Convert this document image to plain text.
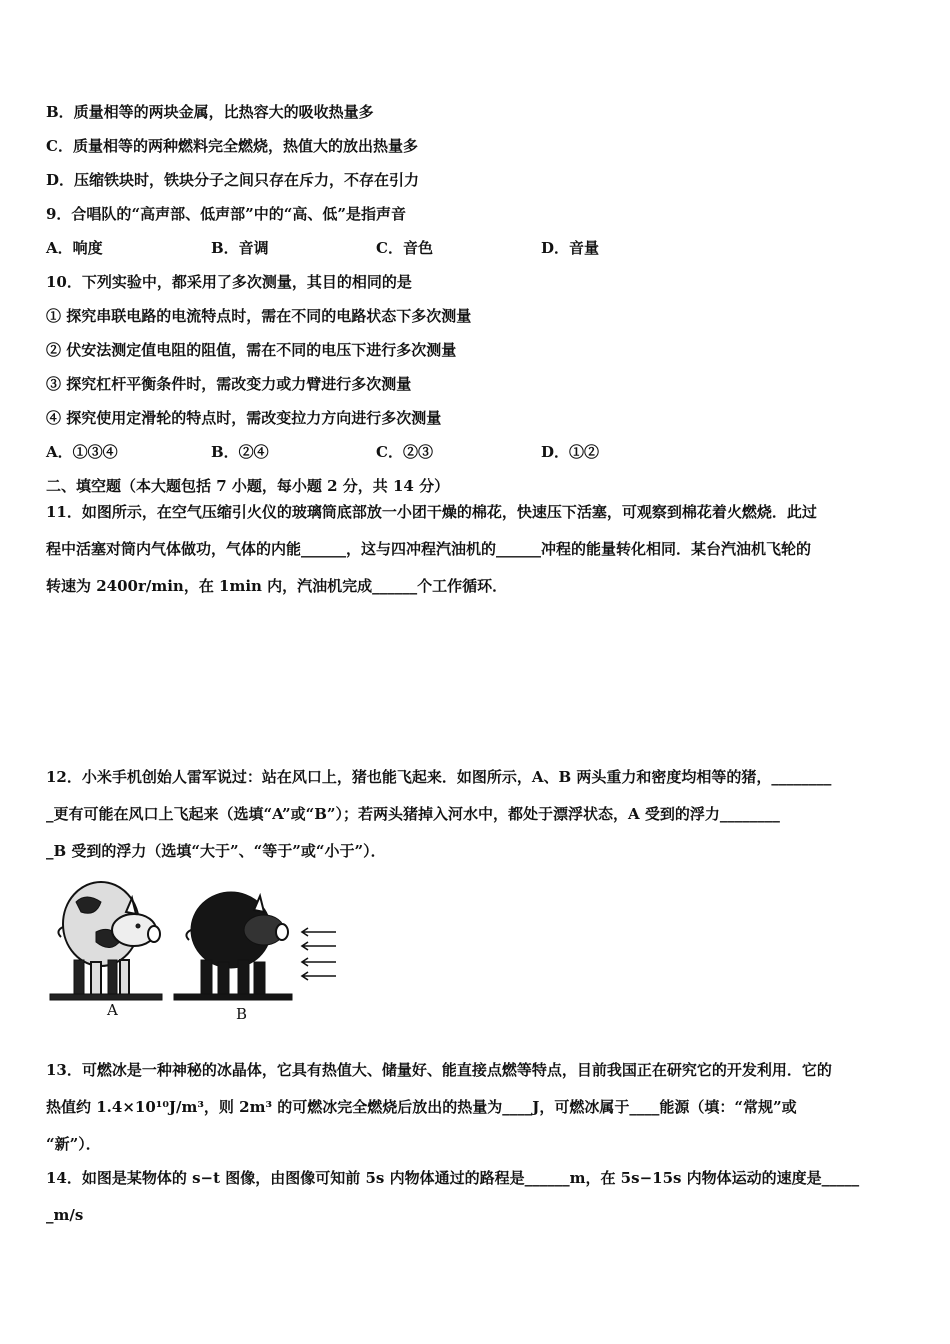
B．质量相等的两块金属，比热容大的吸收热量多
C．质量相等的两种燃料完全燃烧，热值大的放出热量多
D．压缩铁块时，铁块分子之间只存在斥力，不存在引力
9．合唱队的“高声部、低声部”中的“高、低”是指声音
A．响度	B．音调	C．音色	D．音量
10．下列实验中，都采用了多次测量，其目的相同的是
① 探究串联电路的电流特点时，需在不同的电路状态下多次测量
② 伏安法测定值电阻的阻值，需在不同的电压下进行多次测量
③ 探究杠杆平衡条件时，需改变力或力臂进行多次测量
④ 探究使用定滑轮的特点时，需改变拉力方向进行多次测量
A．①③④	B．②④	C．②③	D．①②
二、填空题（本大题包括 7 小题，每小题 2 分，共 14 分）
11．如图所示，在空气压缩引火仪的玻璃筒底部放一小团干燥的棉花，快速压下活塞，可观察到棉花着火燃烧．此过
程中活塞对筒内气体做功，气体的内能______，这与四冲程汽油机的______冲程的能量转化相同．某台汽油机飞轮的
转速为 2400r/min，在 1min 内，汽油机完成______个工作循环．
12．小米手机创始人雷军说过：站在风口上，猪也能飞起来．如图所示，A、B 两头重力和密度均相等的猪，________
_更有可能在风口上飞起来（选填“A”或“B”）；若两头猪掉入河水中，都处于漂浮状态，A 受到的浮力________
_B 受到的浮力（选填“大于”、“等于”或“小于”）．
A	B
13．可燃冰是一种神秘的冰晶体，它具有热值大、储量好、能直接点燃等特点，目前我国正在研究它的开发利用．它的
热值约 1.4×10¹⁰J/m³，则 2m³ 的可燃冰完全燃烧后放出的热量为____J，可燃冰属于____能源（填：“常规”或
“新”）．
14．如图是某物体的 s−t 图像，由图像可知前 5s 内物体通过的路程是______m，在 5s−15s 内物体运动的速度是_____
_m/s
